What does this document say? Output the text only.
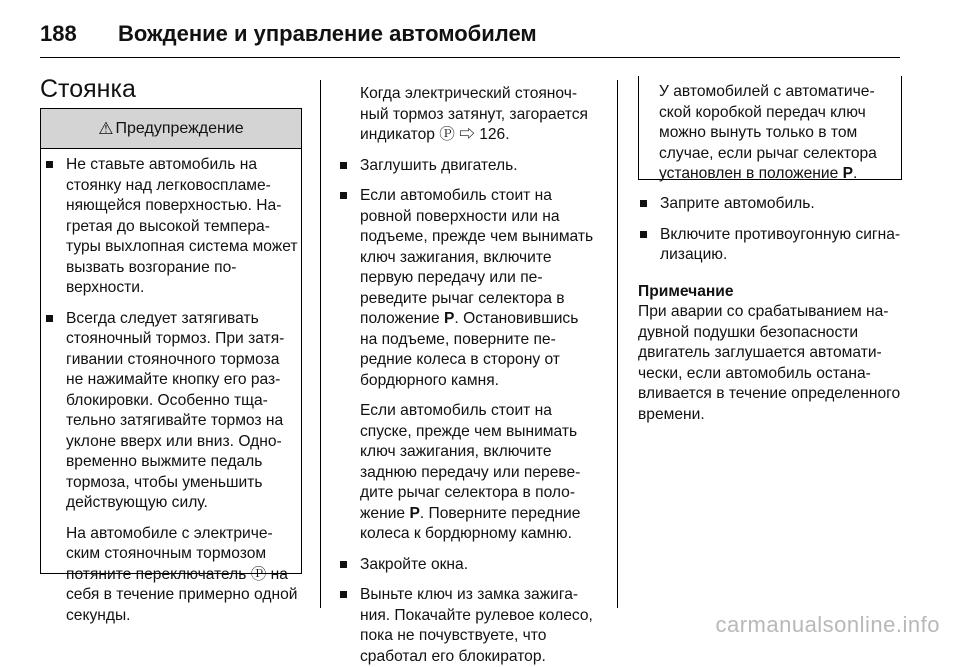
188 Вождение и управление автомобилем
Стоянка
⚠ Предупреждение
Не ставьте автомобиль на стоянку над легковоспламеняющейся поверхностью. Нагретая до высокой температуры выхлопная система может вызвать возгорание поверхности.
Всегда следует затягивать стояночный тормоз. При затягивании стояночного тормоза не нажимайте кнопку его разблокировки. Особенно тщательно затягивайте тормоз на уклоне вверх или вниз. Одновременно выжмите педаль тормоза, чтобы уменьшить действующую силу.
На автомобиле с электрическим стояночным тормозом потяните переключатель Ⓟ на себя в течение примерно одной секунды.
Когда электрический стояночный тормоз затянут, загорается индикатор Ⓟ ⇨ 126.
Заглушить двигатель.
Если автомобиль стоит на ровной поверхности или на подъеме, прежде чем вынимать ключ зажигания, включите первую передачу или переведите рычаг селектора в положение P. Остановившись на подъеме, поверните передние колеса в сторону от бордюрного камня.
Если автомобиль стоит на спуске, прежде чем вынимать ключ зажигания, включите заднюю передачу или переведите рычаг селектора в положение P. Поверните передние колеса к бордюрному камню.
Закройте окна.
Выньте ключ из замка зажигания. Покачайте рулевое колесо, пока не почувствуете, что сработал его блокиратор.
У автомобилей с автоматической коробкой передач ключ можно вынуть только в том случае, если рычаг селектора установлен в положение P.
Заприте автомобиль.
Включите противоугонную сигнализацию.
Примечание
При аварии со срабатыванием надувной подушки безопасности двигатель заглушается автоматически, если автомобиль останавливается в течение определенного времени.
carmanualsonline.info
